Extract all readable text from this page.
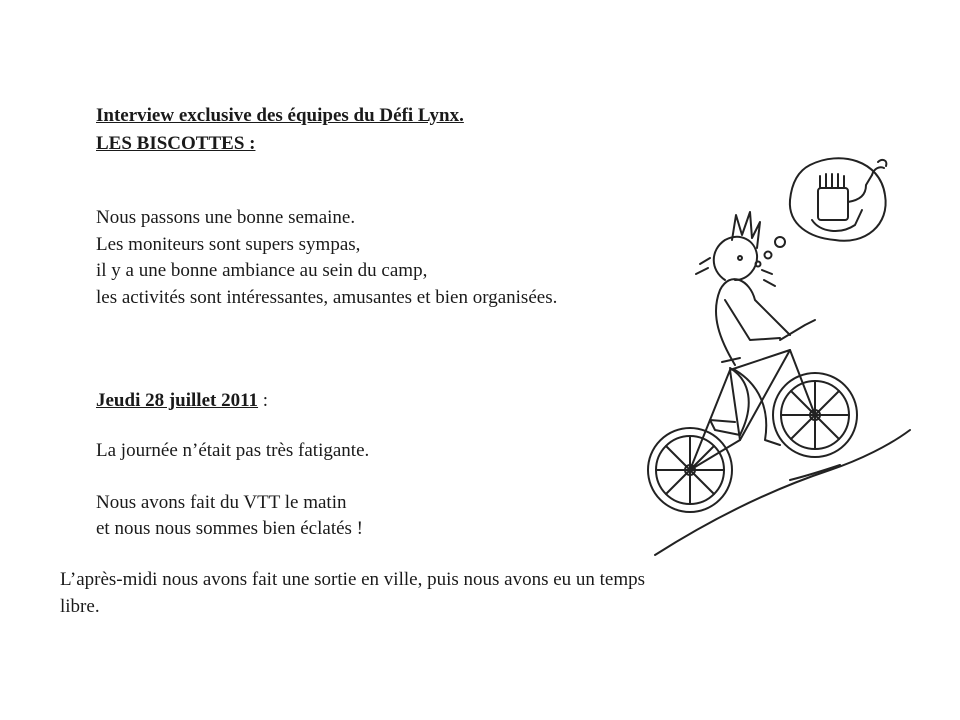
Interview exclusive des équipes du Défi Lynx.
LES BISCOTTES :
Nous passons une bonne semaine.
Les moniteurs sont supers sympas,
il y a une bonne ambiance au sein du camp,
les activités sont intéressantes, amusantes et bien organisées.
Jeudi 28 juillet 2011 :
La journée n’était pas très fatigante.
Nous avons fait du VTT le matin
et nous nous sommes bien éclatés !
L’après-midi nous avons fait une sortie en ville, puis nous avons eu un temps
libre.
